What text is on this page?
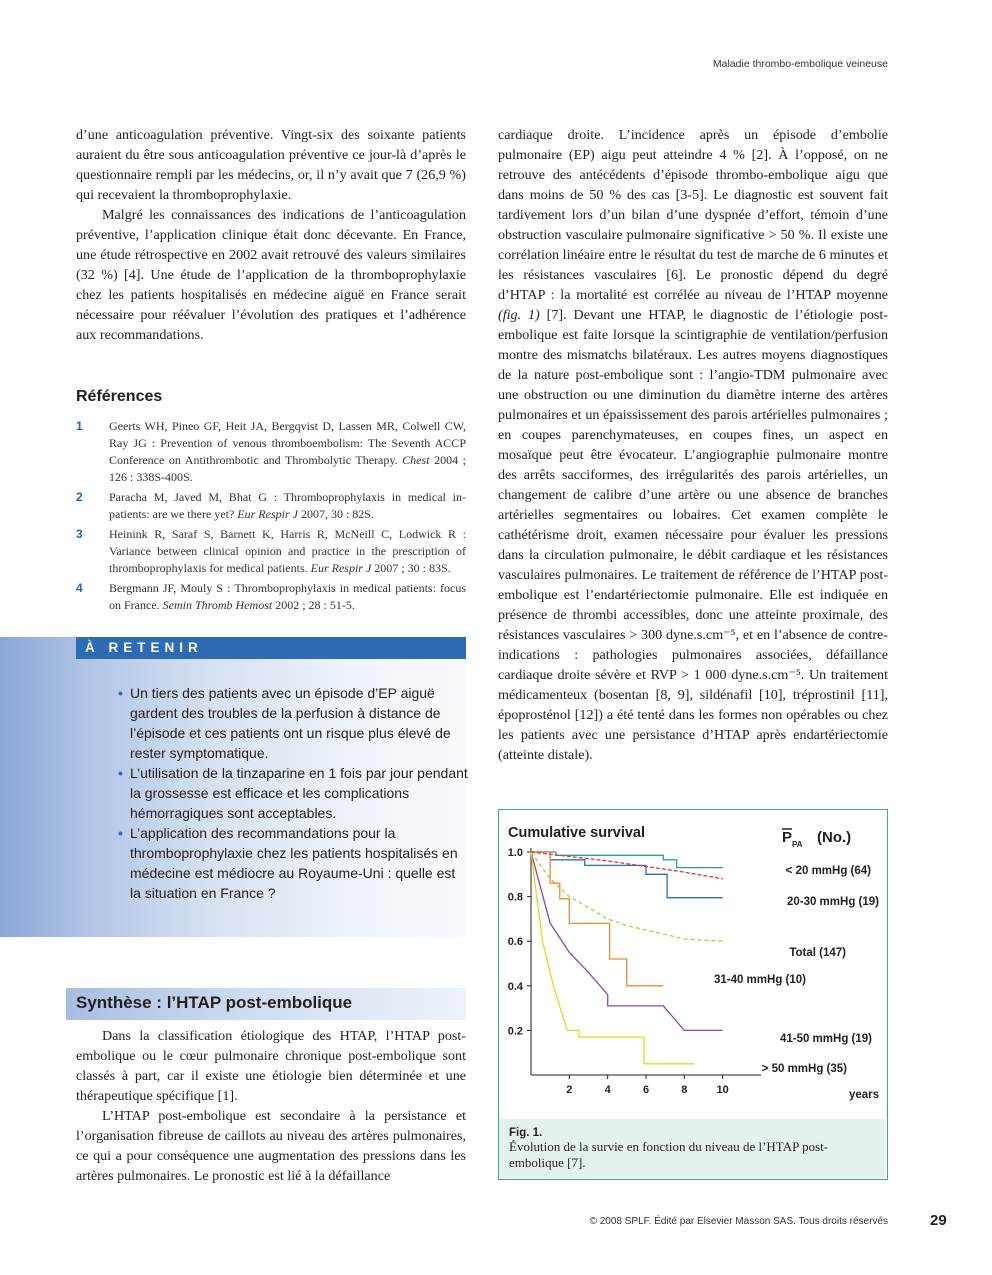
Maladie thrombo-embolique veineuse

d’une anticoagulation préventive. Vingt-six des soixante patients auraient du être sous anticoagulation préventive ce jour-là d’après le questionnaire rempli par les médecins, or, il n’y avait que 7 (26,9 %) qui recevaient la thromboprophylaxie.

Malgré les connaissances des indications de l’anticoagulation préventive, l’application clinique était donc décevante. En France, une étude rétrospective en 2002 avait retrouvé des valeurs similaires (32 %) [4]. Une étude de l’application de la thromboprophylaxie chez les patients hospitalisés en médecine aiguë en France serait nécessaire pour réévaluer l’évolution des pratiques et l’adhérence aux recommandations.

Références
1	Geerts WH, Pineo GF, Heit JA, Bergqvist D, Lassen MR, Colwell CW, Ray JG : Prevention of venous thromboembolism: The Seventh ACCP Conference on Antithrombotic and Thrombolytic Therapy. Chest 2004 ; 126 : 338S-400S.
2	Paracha M, Javed M, Bhat G : Thromboprophylaxis in medical in-patients: are we there yet? Eur Respir J 2007, 30 : 82S.
3	Heinink R, Saraf S, Barnett K, Harris R, McNeill C, Lodwick R : Variance between clinical opinion and practice in the prescription of thromboprophylaxis for medical patients. Eur Respir J 2007 ; 30 : 83S.
4	Bergmann JF, Mouly S : Thromboprophylaxis in medical patients: focus on France. Semin Thromb Hemost 2002 ; 28 : 51-5.
À RETENIR
• Un tiers des patients avec un épisode d’EP aiguë gardent des troubles de la perfusion à distance de l’épisode et ces patients ont un risque plus élevé de rester symptomatique.
• L’utilisation de la tinzaparine en 1 fois par jour pendant la grossesse est efficace et les complications hémorragiques sont acceptables.
• L’application des recommandations pour la thromboprophylaxie chez les patients hospitalisés en médecine est médiocre au Royaume-Uni : quelle est la situation en France ?
Synthèse : l’HTAP post-embolique

Dans la classification étiologique des HTAP, l’HTAP post-embolique ou le cœur pulmonaire chronique post-embolique sont classés à part, car il existe une étiologie bien déterminée et une thérapeutique spécifique [1].

L’HTAP post-embolique est secondaire à la persistance et l’organisation fibreuse de caillots au niveau des artères pulmonaires, ce qui a pour conséquence une augmentation des pressions dans les artères pulmonaires. Le pronostic est lié à la défaillance

cardiaque droite. L’incidence après un épisode d’embolie pulmonaire (EP) aigu peut atteindre 4 % [2]. À l’opposé, on ne retrouve des antécédents d’épisode thrombo-embolique aigu que dans moins de 50 % des cas [3-5]. Le diagnostic est souvent fait tardivement lors d’un bilan d’une dyspnée d’effort, témoin d’une obstruction vasculaire pulmonaire significative > 50 %. Il existe une corrélation linéaire entre le résultat du test de marche de 6 minutes et les résistances vasculaires [6]. Le pronostic dépend du degré d’HTAP : la mortalité est corrélée au niveau de l’HTAP moyenne (fig. 1) [7]. Devant une HTAP, le diagnostic de l’étiologie post-embolique est faite lorsque la scintigraphie de ventilation/perfusion montre des mismatchs bilatéraux. Les autres moyens diagnostiques de la nature post-embolique sont : l’angio-TDM pulmonaire avec une obstruction ou une diminution du diamètre interne des artères pulmonaires et un épaississement des parois artérielles pulmonaires ; en coupes parenchymateuses, en coupes fines, un aspect en mosaïque peut être évocateur. L’angiographie pulmonaire montre des arrêts sacciformes, des irrégularités des parois artérielles, un changement de calibre d’une artère ou une absence de branches artérielles segmentaires ou lobaires. Cet examen complète le cathétérisme droit, examen nécessaire pour évaluer les pressions dans la circulation pulmonaire, le débit cardiaque et les résistances vasculaires pulmonaires. Le traitement de référence de l’HTAP post-embolique est l’endartériectomie pulmonaire. Elle est indiquée en présence de thrombi accessibles, donc une atteinte proximale, des résistances vasculaires > 300 dyne.s.cm⁻⁵, et en l’absence de contre-indications : pathologies pulmonaires associées, défaillance cardiaque droite sévère et RVP > 1 000 dyne.s.cm⁻⁵. Un traitement médicamenteux (bosentan [8, 9], sildénafil [10], tréprostinil [11], époprosténol [12]) a été tenté dans les formes non opérables ou chez les patients avec une persistance d’HTAP après endartériectomie (atteinte distale).

Cumulative survival	P PA (No.)
1.0
0.8
0.6
0.4
0.2
2	4	6	8	10
< 20 mmHg (64)
20-30 mmHg (19)
Total (147)
31-40 mmHg (10)
41-50 mmHg (19)
> 50 mmHg (35)
years
Fig. 1.
Évolution de la survie en fonction du niveau de l’HTAP post-embolique [7].
© 2008 SPLF. Édité par Elsevier Masson SAS. Tous droits réservés	29
